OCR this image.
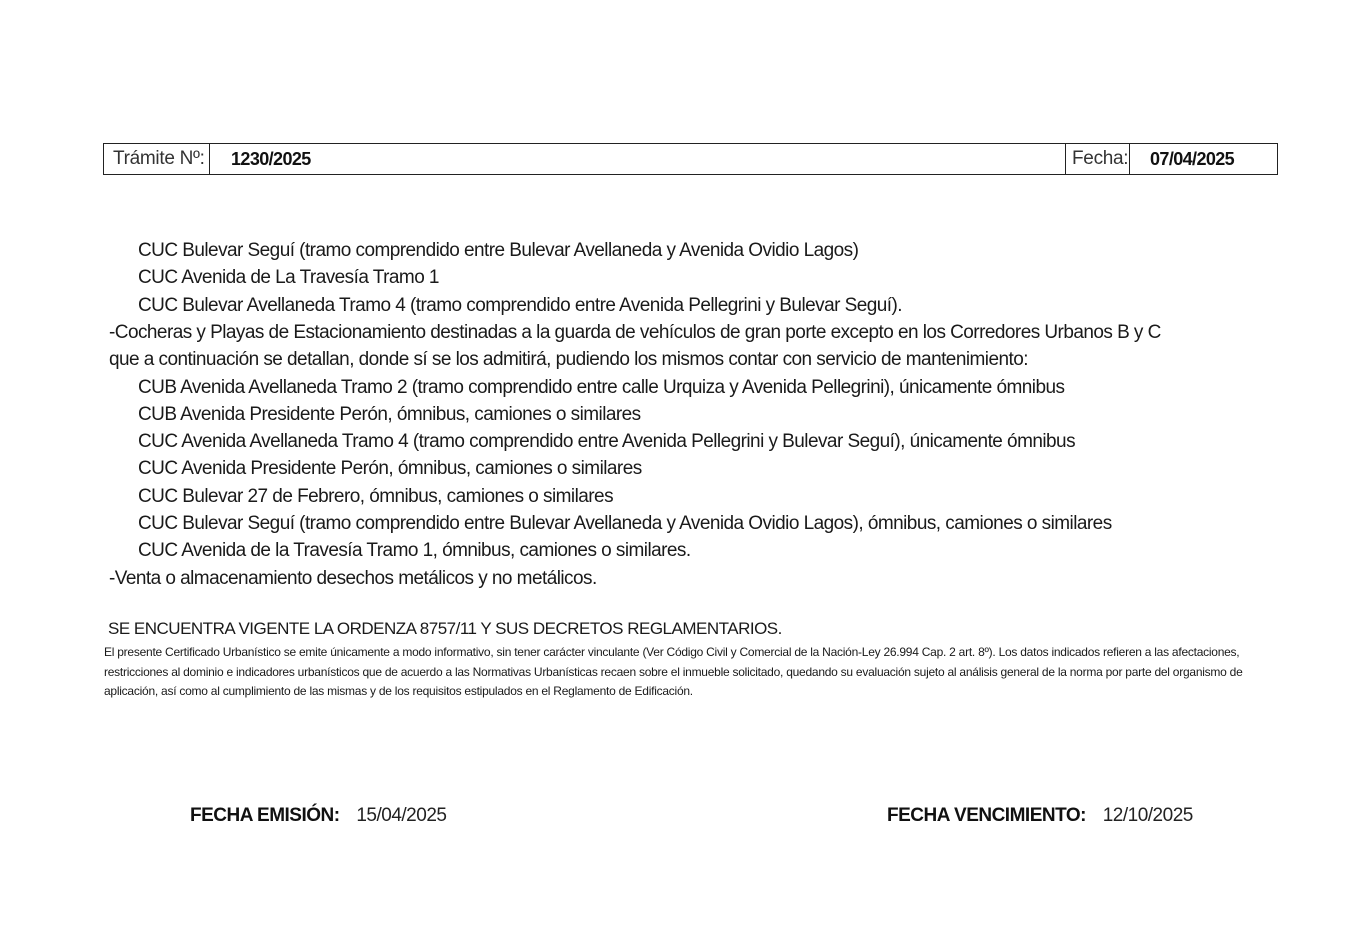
Trámite Nº:	1230/2025	Fecha:	07/04/2025
CUC Bulevar Seguí (tramo comprendido entre Bulevar Avellaneda y Avenida Ovidio Lagos)
CUC Avenida de La Travesía Tramo 1
CUC Bulevar Avellaneda Tramo 4 (tramo comprendido entre Avenida Pellegrini y Bulevar Seguí).
-Cocheras y Playas de Estacionamiento destinadas a la guarda de vehículos de gran porte excepto en los Corredores Urbanos B y C
que a continuación se detallan, donde sí se los admitirá, pudiendo los mismos contar con servicio de mantenimiento:
CUB Avenida Avellaneda Tramo 2 (tramo comprendido entre calle Urquiza y Avenida Pellegrini), únicamente ómnibus
CUB Avenida Presidente Perón, ómnibus, camiones o similares
CUC Avenida Avellaneda Tramo 4 (tramo comprendido entre Avenida Pellegrini y Bulevar Seguí), únicamente ómnibus
CUC Avenida Presidente Perón, ómnibus, camiones o similares
CUC Bulevar 27 de Febrero, ómnibus, camiones o similares
CUC Bulevar Seguí (tramo comprendido entre Bulevar Avellaneda y Avenida Ovidio Lagos), ómnibus, camiones o similares
CUC Avenida de la Travesía Tramo 1, ómnibus, camiones o similares.
-Venta o almacenamiento desechos metálicos y no metálicos.
SE ENCUENTRA VIGENTE LA ORDENZA 8757/11 Y SUS DECRETOS REGLAMENTARIOS.
El presente Certificado Urbanístico se emite únicamente a modo informativo, sin tener carácter vinculante (Ver Código Civil y Comercial de la Nación-Ley 26.994 Cap. 2 art. 8º). Los datos indicados refieren a las afectaciones, restricciones al dominio e indicadores urbanísticos que de acuerdo a las Normativas Urbanísticas recaen sobre el inmueble solicitado, quedando su evaluación sujeto al análisis general de la norma por parte del organismo de aplicación, así como al cumplimiento de las mismas y de los requisitos estipulados en el Reglamento de Edificación.
FECHA EMISIÓN: 15/04/2025	FECHA VENCIMIENTO: 12/10/2025
